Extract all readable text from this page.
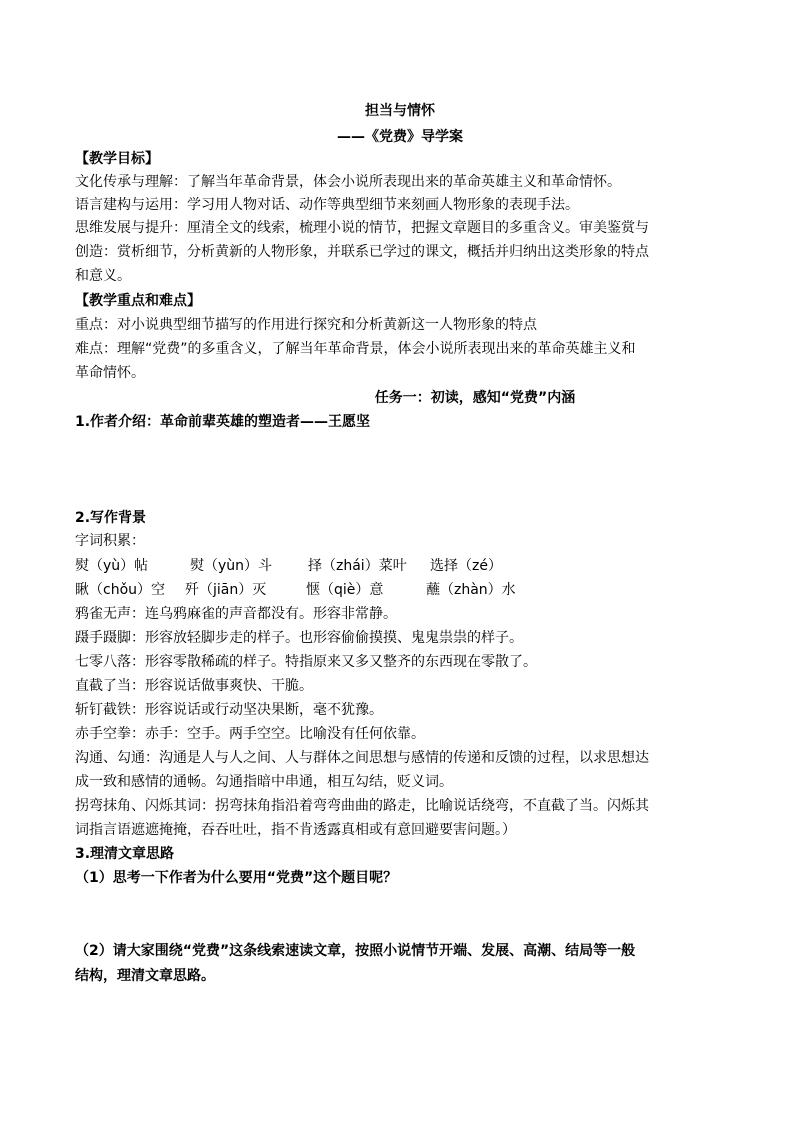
担当与情怀
——《党费》导学案
【教学目标】
文化传承与理解：了解当年革命背景，体会小说所表现出来的革命英雄主义和革命情怀。
语言建构与运用：学习用人物对话、动作等典型细节来刻画人物形象的表现手法。
思维发展与提升：厘清全文的线索，梳理小说的情节，把握文章题目的多重含义。审美鉴赏与
创造：赏析细节，分析黄新的人物形象，并联系已学过的课文，概括并归纳出这类形象的特点
和意义。
【教学重点和难点】
重点：对小说典型细节描写的作用进行探究和分析黄新这一人物形象的特点
难点：理解“党费”的多重含义，了解当年革命背景，体会小说所表现出来的革命英雄主义和
革命情怀。
任务一：初读，感知“党费”内涵
1.作者介绍：革命前辈英雄的塑造者——王愿坚
2.写作背景
字词积累：
熨（yù）帖	熨（yùn）斗	择（zhái）菜叶 选择（zé）
瞅（chǒu）空 歼（jiān）灭	惬（qiè）意	蘸（zhàn）水
鸦雀无声：连乌鸦麻雀的声音都没有。形容非常静。
蹑手蹑脚：形容放轻脚步走的样子。也形容偷偷摸摸、鬼鬼祟祟的样子。
七零八落：形容零散稀疏的样子。特指原来又多又整齐的东西现在零散了。
直截了当：形容说话做事爽快、干脆。
斩钉截铁：形容说话或行动坚决果断，毫不犹豫。
赤手空拳：赤手：空手。两手空空。比喻没有任何依靠。
沟通、勾通：沟通是人与人之间、人与群体之间思想与感情的传递和反馈的过程，以求思想达
成一致和感情的通畅。勾通指暗中串通，相互勾结，贬义词。
拐弯抹角、闪烁其词：拐弯抹角指沿着弯弯曲曲的路走，比喻说话绕弯，不直截了当。闪烁其
词指言语遮遮掩掩，吞吞吐吐，指不肯透露真相或有意回避要害问题。）
3.理清文章思路
（1）思考一下作者为什么要用“党费”这个题目呢？
（2）请大家围绕“党费”这条线索速读文章，按照小说情节开端、发展、高潮、结局等一般
结构，理清文章思路。
